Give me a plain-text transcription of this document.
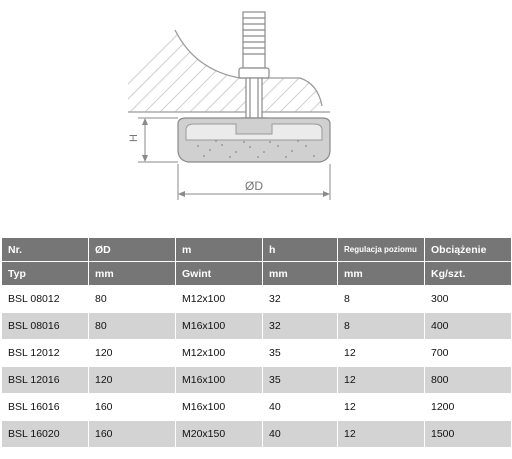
H
ØD
Nr.	ØD	m	h	Regulacja poziomu	Obciążenie
Typ	mm	Gwint	mm	mm	Kg/szt.
BSL 08012	80	M12x100	32	8	300
BSL 08016	80	M16x100	32	8	400
BSL 12012	120	M12x100	35	12	700
BSL 12016	120	M16x100	35	12	800
BSL 16016	160	M16x100	40	12	1200
BSL 16020	160	M20x150	40	12	1500
